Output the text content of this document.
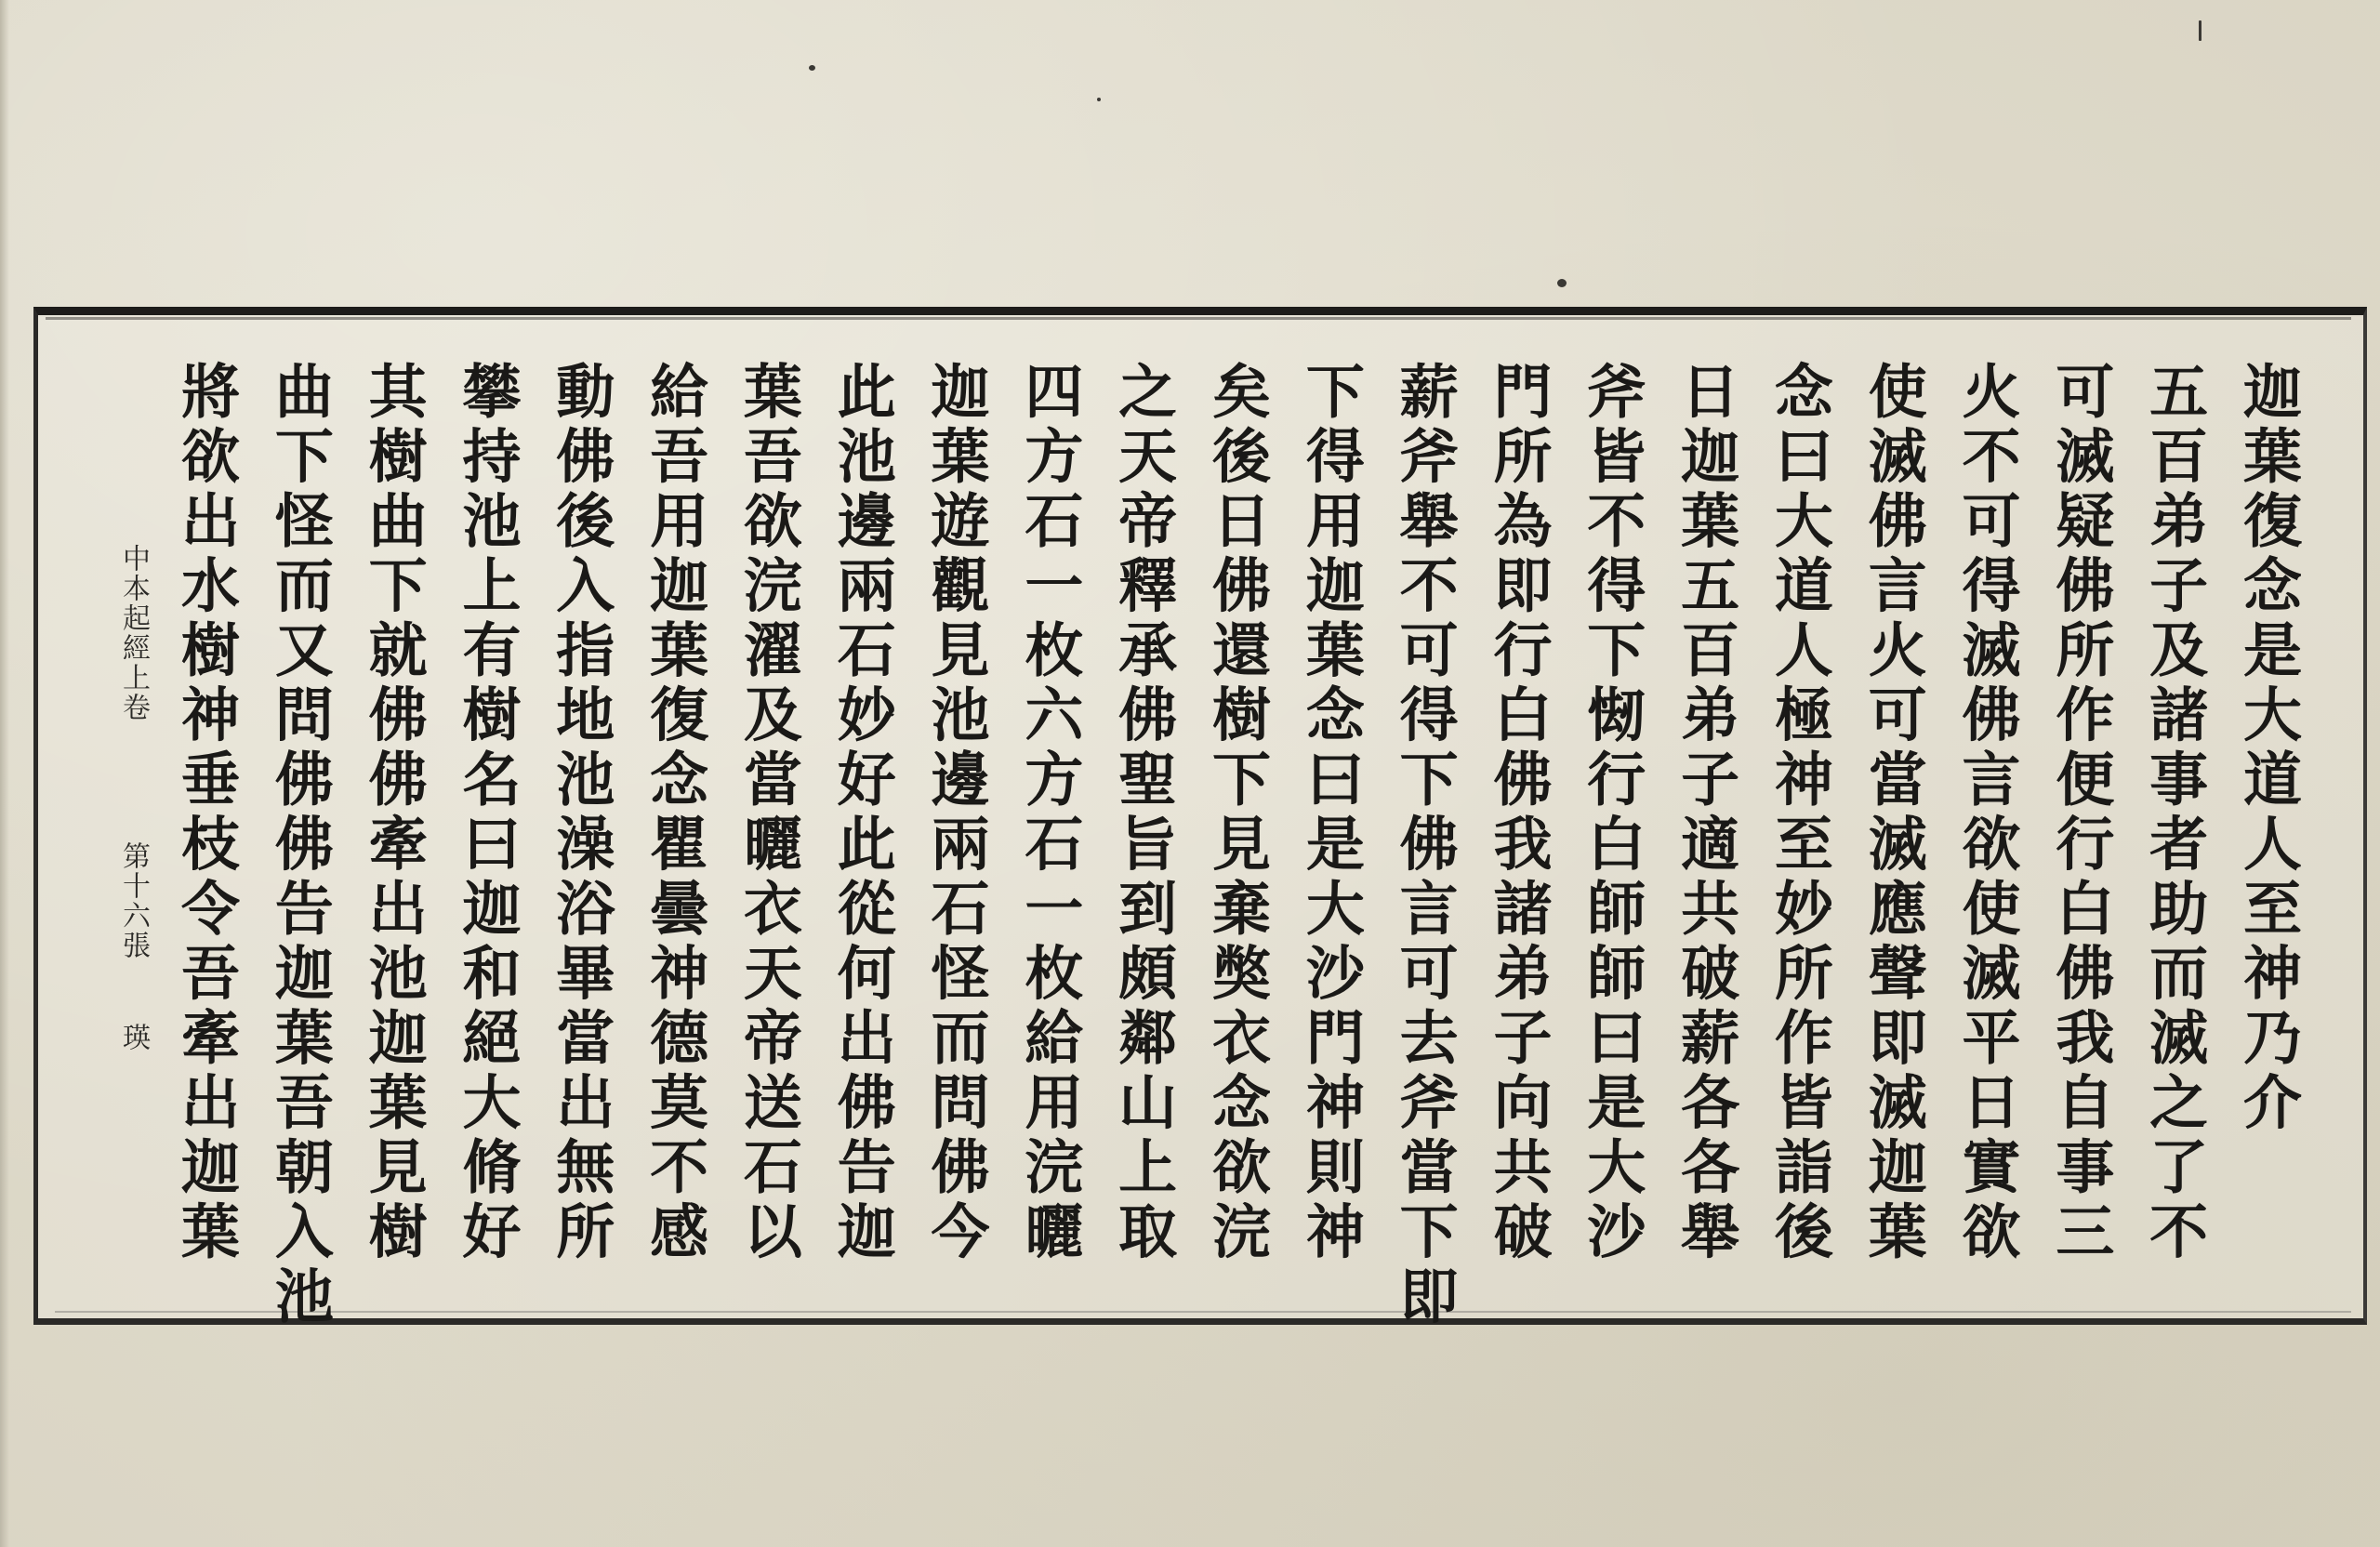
迦葉復念是大道人至神乃介
五百弟子及諸事者助而滅之了不
可滅疑佛所作便行白佛我自事三
火不可得滅佛言欲使滅平日實欲
使滅佛言火可當滅應聲即滅迦葉
念曰大道人極神至妙所作皆詣後
日迦葉五百弟子適共破薪各各舉
斧皆不得下㥘行白師師曰是大沙
門所為即行白佛我諸弟子向共破
薪斧舉不可得下佛言可去斧當下即
下得用迦葉念曰是大沙門神則神
矣後日佛還樹下見棄獘衣念欲浣
之天帝釋承佛聖旨到頗鄰山上取
四方石一枚六方石一枚給用浣曬
迦葉遊觀見池邊兩石怪而問佛今
此池邊兩石妙好此從何出佛告迦
葉吾欲浣濯及當曬衣天帝送石以
給吾用迦葉復念瞿曇神德莫不感
動佛後入指地池澡浴畢當出無所
攀持池上有樹名曰迦和絕大脩好
其樹曲下就佛佛牽出池迦葉見樹
曲下怪而又問佛佛告迦葉吾朝入池
將欲出水樹神垂枝令吾牽出迦葉
中本起經上卷
第十六張
瑛
